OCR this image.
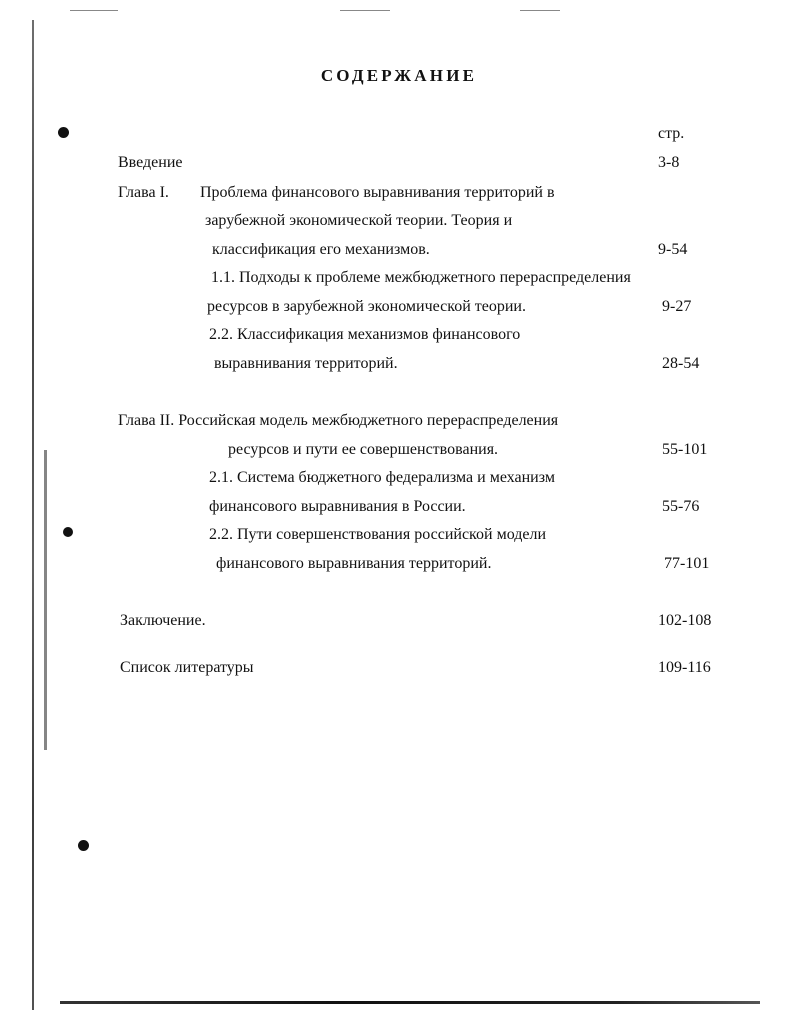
СОДЕРЖАНИЕ
стр.
Введение	3-8
Глава I. Проблема финансового выравнивания территорий в
зарубежной экономической теории. Теория и
классификация его механизмов.	9-54
1.1. Подходы к проблеме межбюджетного перераспределения
ресурсов в зарубежной экономической теории.	9-27
2.2. Классификация механизмов финансового
выравнивания территорий.	28-54
Глава II. Российская модель межбюджетного перераспределения
ресурсов и пути ее совершенствования.	55-101
2.1. Система бюджетного федерализма и механизм
финансового выравнивания в России.	55-76
2.2. Пути совершенствования российской модели
финансового выравнивания территорий.	77-101
Заключение.	102-108
Список литературы	109-116
